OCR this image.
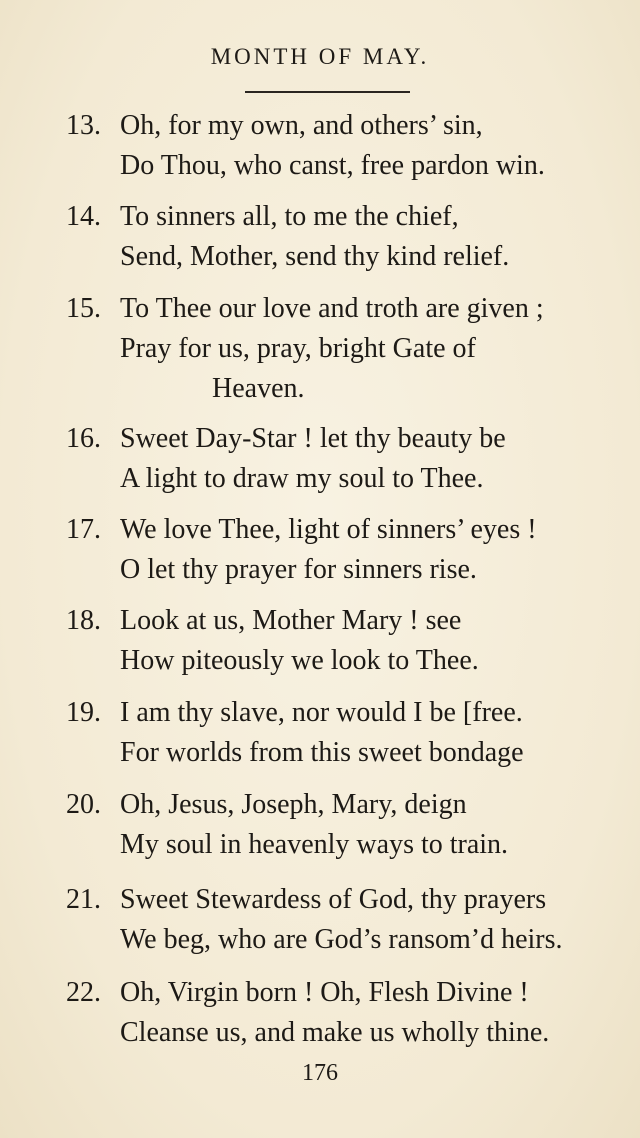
MONTH OF MAY.
13. Oh, for my own, and others’ sin,
Do Thou, who canst, free pardon win.
14. To sinners all, to me the chief,
Send, Mother, send thy kind relief.
15. To Thee our love and troth are given ;
Pray for us, pray, bright Gate of
Heaven.
16. Sweet Day-Star ! let thy beauty be
A light to draw my soul to Thee.
17. We love Thee, light of sinners’ eyes !
O let thy prayer for sinners rise.
18. Look at us, Mother Mary ! see
How piteously we look to Thee.
19. I am thy slave, nor would I be [free.
For worlds from this sweet bondage
20. Oh, Jesus, Joseph, Mary, deign
My soul in heavenly ways to train.
21. Sweet Stewardess of God, thy prayers
We beg, who are God’s ransom’d heirs.
22. Oh, Virgin born ! Oh, Flesh Divine !
Cleanse us, and make us wholly thine.
176
